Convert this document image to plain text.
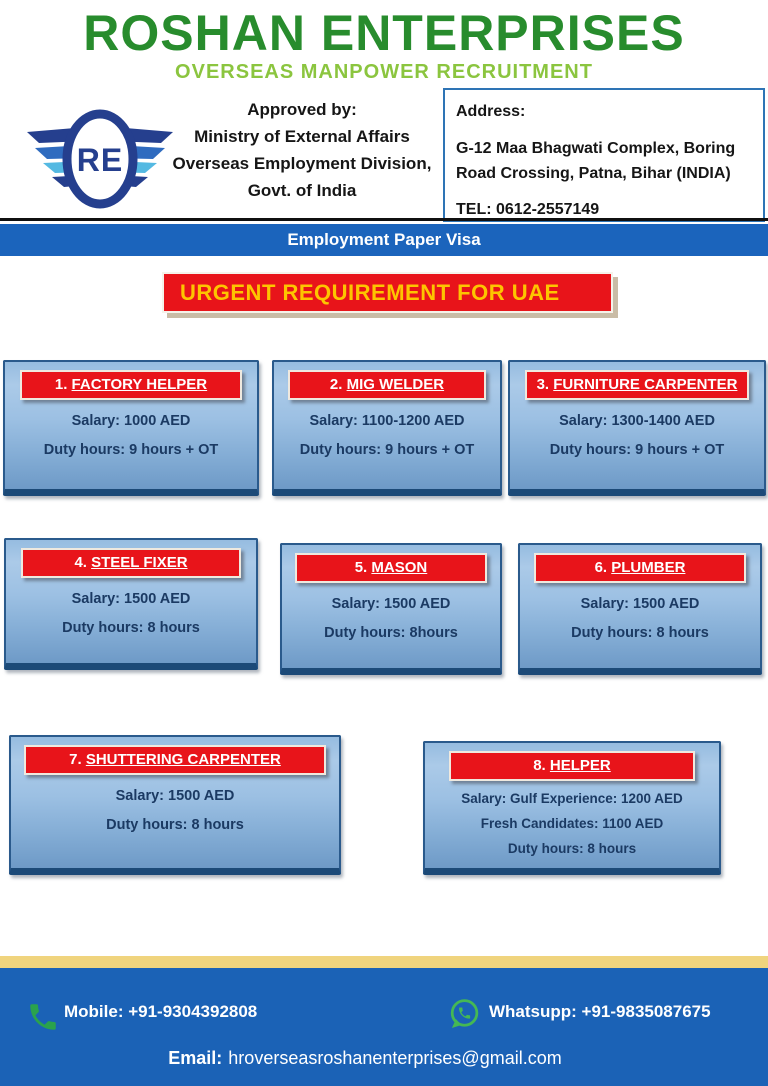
ROSHAN ENTERPRISES
OVERSEAS MANPOWER RECRUITMENT
RE
Approved by:
Ministry of External Affairs
Overseas Employment Division,
Govt. of India
Address:
G-12 Maa Bhagwati Complex, Boring
Road Crossing, Patna, Bihar (INDIA)
TEL: 0612-2557149
Employment Paper Visa
URGENT REQUIREMENT FOR UAE
1. FACTORY HELPER
Salary: 1000 AED
Duty hours: 9 hours + OT
2. MIG WELDER
Salary: 1100-1200 AED
Duty hours: 9 hours + OT
3. FURNITURE CARPENTER
Salary: 1300-1400 AED
Duty hours: 9 hours + OT
4. STEEL FIXER
Salary: 1500 AED
Duty hours: 8 hours
5. MASON
Salary: 1500 AED
Duty hours: 8hours
6. PLUMBER
Salary: 1500 AED
Duty hours: 8 hours
7. SHUTTERING CARPENTER
Salary: 1500 AED
Duty hours: 8 hours
8. HELPER
Salary: Gulf Experience: 1200 AED
Fresh Candidates: 1100 AED
Duty hours: 8 hours
Mobile: +91-9304392808	Whatsupp: +91-9835087675
Email: hroverseasroshanenterprises@gmail.com
